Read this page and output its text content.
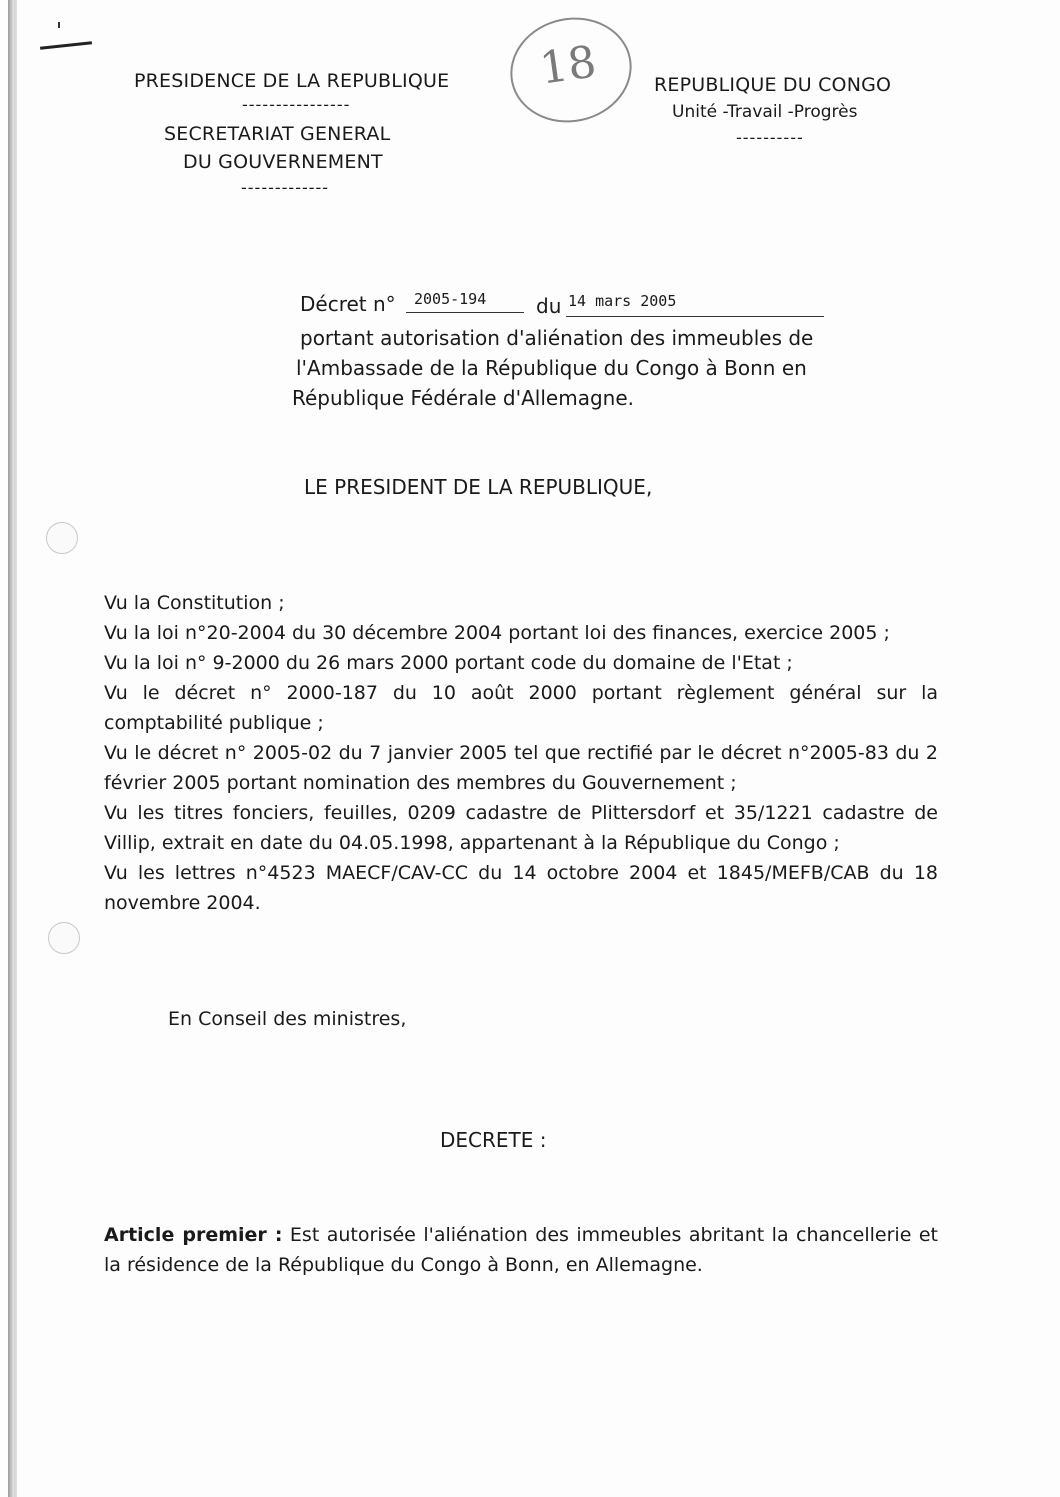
PRESIDENCE DE LA REPUBLIQUE
----------------
SECRETARIAT GENERAL
DU GOUVERNEMENT
-------------
18	REPUBLIQUE DU CONGO
Unité -Travail -Progrès
----------
Décret n° 2005-194 du 14 mars 2005
portant autorisation d'aliénation des immeubles de
l'Ambassade de la République du Congo à Bonn en
République Fédérale d'Allemagne.
LE PRESIDENT DE LA REPUBLIQUE,

Vu la Constitution ;

Vu la loi n°20-2004 du 30 décembre 2004 portant loi des finances, exercice 2005 ;

Vu la loi n° 9-2000 du 26 mars 2000 portant code du domaine de l'Etat ;

Vu le décret n° 2000-187 du 10 août 2000 portant règlement général sur la comptabilité publique ;

Vu le décret n° 2005-02 du 7 janvier 2005 tel que rectifié par le décret n°2005-83 du 2 février 2005 portant nomination des membres du Gouvernement ;

Vu les titres fonciers, feuilles, 0209 cadastre de Plittersdorf et 35/1221 cadastre de Villip, extrait en date du 04.05.1998, appartenant à la République du Congo ;

Vu les lettres n°4523 MAECF/CAV-CC du 14 octobre 2004 et 1845/MEFB/CAB du 18 novembre 2004.

En Conseil des ministres,
DECRETE :

Article premier : Est autorisée l'aliénation des immeubles abritant la chancellerie et la résidence de la République du Congo à Bonn, en Allemagne.
